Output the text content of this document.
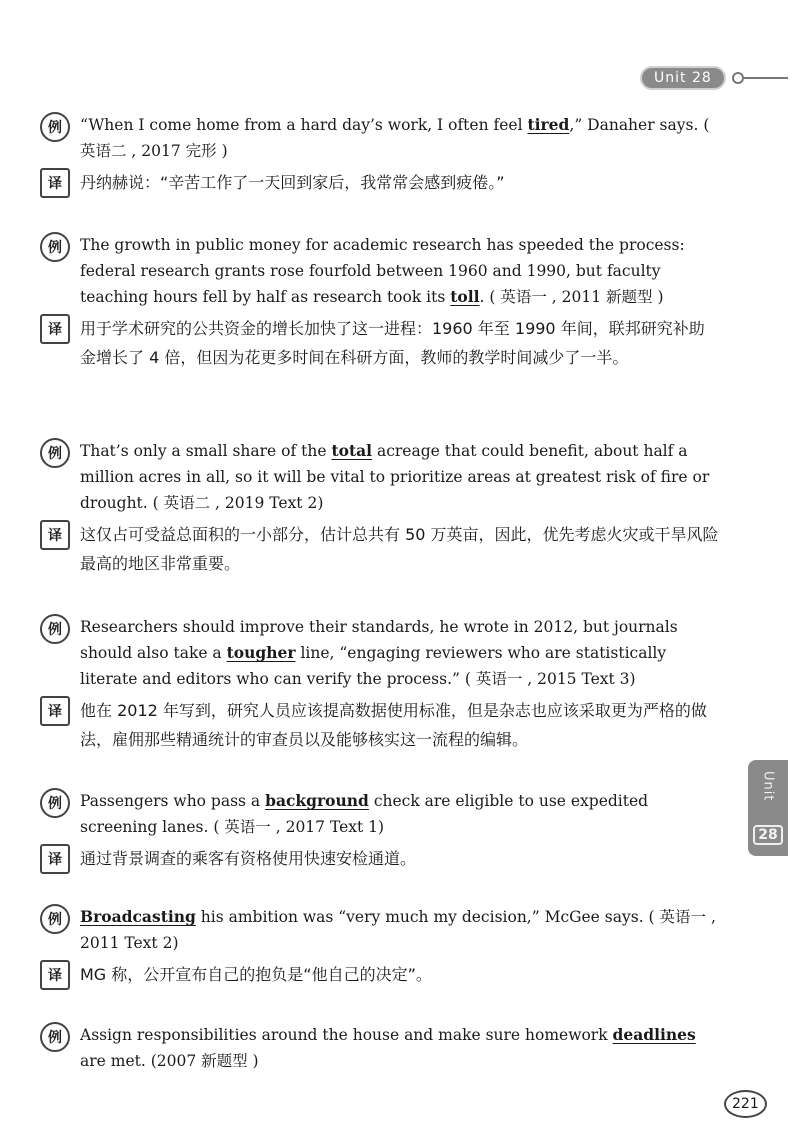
Unit 28
例	“When I come home from a hard day’s work, I often feel tired,” Danaher says. ( 英语二 , 2017 完形 )
译	丹纳赫说：“辛苦工作了一天回到家后，我常常会感到疲倦。”
例	The growth in public money for academic research has speeded the process: federal research grants rose fourfold between 1960 and 1990, but faculty teaching hours fell by half as research took its toll. ( 英语一 , 2011 新题型 )
译	用于学术研究的公共资金的增长加快了这一进程：1960 年至 1990 年间，联邦研究补助金增长了 4 倍，但因为花更多时间在科研方面，教师的教学时间减少了一半。
例	That’s only a small share of the total acreage that could benefit, about half a million acres in all, so it will be vital to prioritize areas at greatest risk of fire or drought. ( 英语二 , 2019 Text 2)
译	这仅占可受益总面积的一小部分，估计总共有 50 万英亩，因此，优先考虑火灾或干旱风险最高的地区非常重要。
例	Researchers should improve their standards, he wrote in 2012, but journals should also take a tougher line, “engaging reviewers who are statistically literate and editors who can verify the process.” ( 英语一 , 2015 Text 3)
译	他在 2012 年写到，研究人员应该提高数据使用标准，但是杂志也应该采取更为严格的做法，雇佣那些精通统计的审查员以及能够核实这一流程的编辑。
例	Passengers who pass a background check are eligible to use expedited screening lanes. ( 英语一 , 2017 Text 1)
译	通过背景调查的乘客有资格使用快速安检通道。
例	Broadcasting his ambition was “very much my decision,” McGee says. ( 英语一 , 2011 Text 2)
译	MG 称，公开宣布自己的抱负是“他自己的决定”。
例	Assign responsibilities around the house and make sure homework deadlines are met. (2007 新题型 )
Unit
28
221
